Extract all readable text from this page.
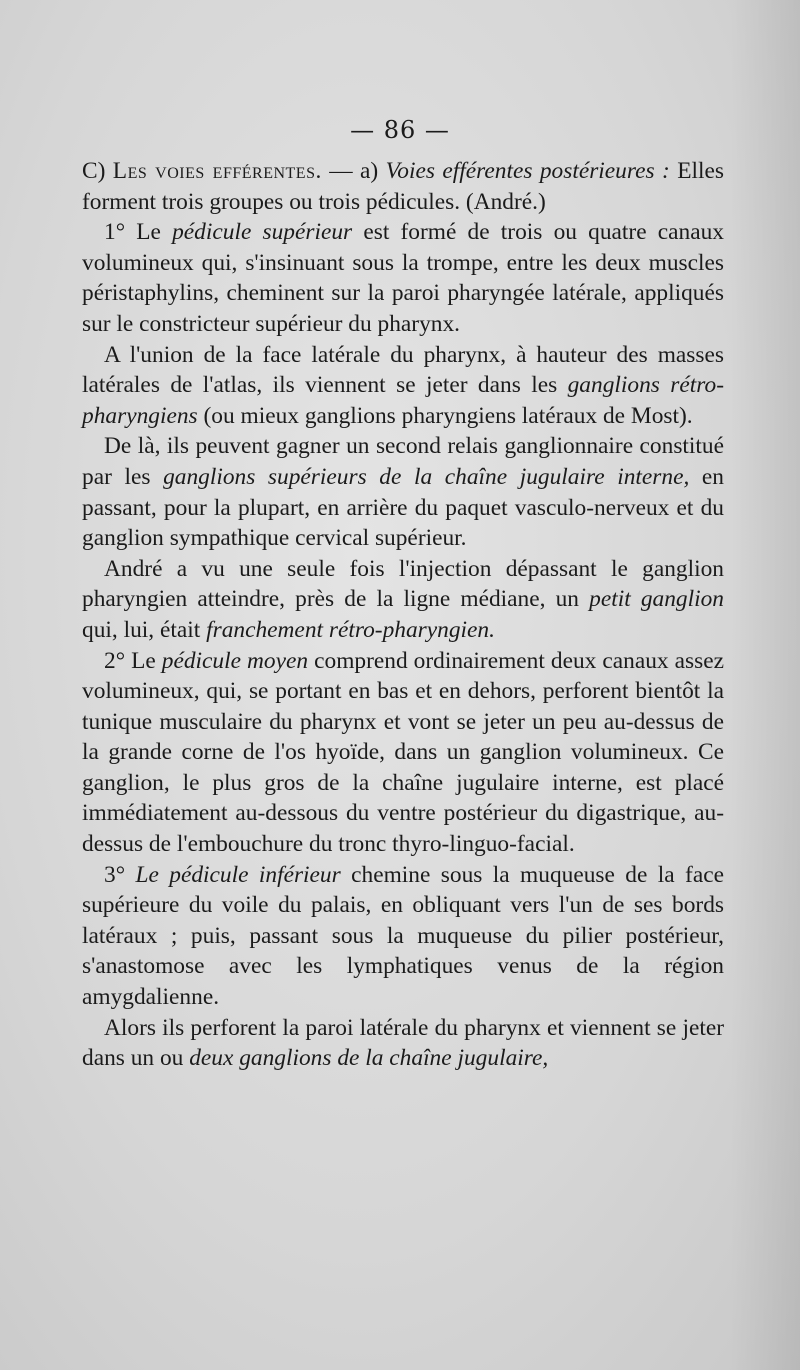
— 86 —

C) Les voies efférentes. — a) Voies efférentes postérieures : Elles forment trois groupes ou trois pédicules. (André.)

1° Le pédicule supérieur est formé de trois ou quatre canaux volumineux qui, s'insinuant sous la trompe, entre les deux muscles péristaphylins, cheminent sur la paroi pharyngée latérale, appliqués sur le constricteur supérieur du pharynx.

A l'union de la face latérale du pharynx, à hauteur des masses latérales de l'atlas, ils viennent se jeter dans les ganglions rétro-pharyngiens (ou mieux ganglions pharyngiens latéraux de Most).

De là, ils peuvent gagner un second relais ganglionnaire constitué par les ganglions supérieurs de la chaîne jugulaire interne, en passant, pour la plupart, en arrière du paquet vasculo-nerveux et du ganglion sympathique cervical supérieur.

André a vu une seule fois l'injection dépassant le ganglion pharyngien atteindre, près de la ligne médiane, un petit ganglion qui, lui, était franchement rétro-pharyngien.

2° Le pédicule moyen comprend ordinairement deux canaux assez volumineux, qui, se portant en bas et en dehors, perforent bientôt la tunique musculaire du pharynx et vont se jeter un peu au-dessus de la grande corne de l'os hyoïde, dans un ganglion volumineux. Ce ganglion, le plus gros de la chaîne jugulaire interne, est placé immédiatement au-dessous du ventre postérieur du digastrique, au-dessus de l'embouchure du tronc thyro-linguo-facial.

3° Le pédicule inférieur chemine sous la muqueuse de la face supérieure du voile du palais, en obliquant vers l'un de ses bords latéraux ; puis, passant sous la muqueuse du pilier postérieur, s'anastomose avec les lymphatiques venus de la région amygdalienne.

Alors ils perforent la paroi latérale du pharynx et viennent se jeter dans un ou deux ganglions de la chaîne jugulaire,
